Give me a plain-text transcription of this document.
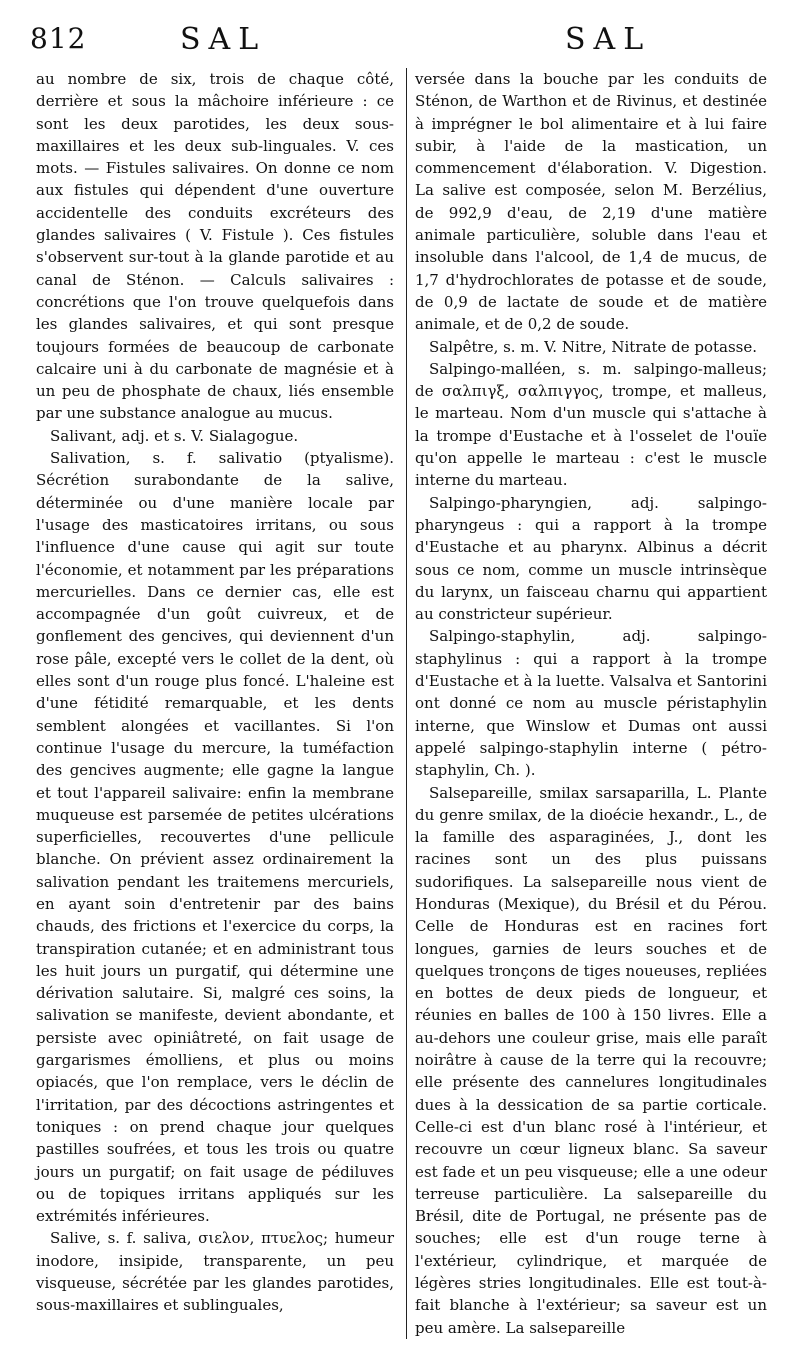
812	SAL	SAL

au nombre de six, trois de chaque côté, derrière et sous la mâchoire inférieure : ce sont les deux parotides, les deux sous-maxillaires et les deux sub-linguales. V. ces mots. — Fistules salivaires. On donne ce nom aux fistules qui dépendent d'une ouverture accidentelle des conduits excréteurs des glandes salivaires ( V. Fistule ). Ces fistules s'observent sur-tout à la glande parotide et au canal de Sténon. — Calculs salivaires : concrétions que l'on trouve quelquefois dans les glandes salivaires, et qui sont presque toujours formées de beaucoup de carbonate calcaire uni à du carbonate de magnésie et à un peu de phosphate de chaux, liés ensemble par une substance analogue au mucus.

Salivant, adj. et s. V. Sialagogue.

Salivation, s. f. salivatio (ptyalisme). Sécrétion surabondante de la salive, déterminée ou d'une manière locale par l'usage des masticatoires irritans, ou sous l'influence d'une cause qui agit sur toute l'économie, et notamment par les préparations mercurielles. Dans ce dernier cas, elle est accompagnée d'un goût cuivreux, et de gonflement des gencives, qui deviennent d'un rose pâle, excepté vers le collet de la dent, où elles sont d'un rouge plus foncé. L'haleine est d'une fétidité remarquable, et les dents semblent alongées et vacillantes. Si l'on continue l'usage du mercure, la tuméfaction des gencives augmente; elle gagne la langue et tout l'appareil salivaire: enfin la membrane muqueuse est parsemée de petites ulcérations superficielles, recouvertes d'une pellicule blanche. On prévient assez ordinairement la salivation pendant les traitemens mercuriels, en ayant soin d'entretenir par des bains chauds, des frictions et l'exercice du corps, la transpiration cutanée; et en administrant tous les huit jours un purgatif, qui détermine une dérivation salutaire. Si, malgré ces soins, la salivation se manifeste, devient abondante, et persiste avec opiniâtreté, on fait usage de gargarismes émolliens, et plus ou moins opiacés, que l'on remplace, vers le déclin de l'irritation, par des décoctions astringentes et toniques : on prend chaque jour quelques pastilles soufrées, et tous les trois ou quatre jours un purgatif; on fait usage de pédiluves ou de topiques irritans appliqués sur les extrémités inférieures.

Salive, s. f. saliva, σιελον, πτυελος; humeur inodore, insipide, transparente, un peu visqueuse, sécrétée par les glandes parotides, sous-maxillaires et sublinguales,

versée dans la bouche par les conduits de Sténon, de Warthon et de Rivinus, et destinée à imprégner le bol alimentaire et à lui faire subir, à l'aide de la mastication, un commencement d'élaboration. V. Digestion. La salive est composée, selon M. Berzélius, de 992,9 d'eau, de 2,19 d'une matière animale particulière, soluble dans l'eau et insoluble dans l'alcool, de 1,4 de mucus, de 1,7 d'hydrochlorates de potasse et de soude, de 0,9 de lactate de soude et de matière animale, et de 0,2 de soude.

Salpêtre, s. m. V. Nitre, Nitrate de potasse.

Salpingo-malléen, s. m. salpingo-malleus; de σαλπιγξ, σαλπιγγος, trompe, et malleus, le marteau. Nom d'un muscle qui s'attache à la trompe d'Eustache et à l'osselet de l'ouïe qu'on appelle le marteau : c'est le muscle interne du marteau.

Salpingo-pharyngien, adj. salpingo-pharyngeus : qui a rapport à la trompe d'Eustache et au pharynx. Albinus a décrit sous ce nom, comme un muscle intrinsèque du larynx, un faisceau charnu qui appartient au constricteur supérieur.

Salpingo-staphylin, adj. salpingo-staphylinus : qui a rapport à la trompe d'Eustache et à la luette. Valsalva et Santorini ont donné ce nom au muscle péristaphylin interne, que Winslow et Dumas ont aussi appelé salpingo-staphylin interne ( pétro-staphylin, Ch. ).

Salsepareille, smilax sarsaparilla, L. Plante du genre smilax, de la dioécie hexandr., L., de la famille des asparaginées, J., dont les racines sont un des plus puissans sudorifiques. La salsepareille nous vient de Honduras (Mexique), du Brésil et du Pérou. Celle de Honduras est en racines fort longues, garnies de leurs souches et de quelques tronçons de tiges noueuses, repliées en bottes de deux pieds de longueur, et réunies en balles de 100 à 150 livres. Elle a au-dehors une couleur grise, mais elle paraît noirâtre à cause de la terre qui la recouvre; elle présente des cannelures longitudinales dues à la dessication de sa partie corticale. Celle-ci est d'un blanc rosé à l'intérieur, et recouvre un cœur ligneux blanc. Sa saveur est fade et un peu visqueuse; elle a une odeur terreuse particulière. La salsepareille du Brésil, dite de Portugal, ne présente pas de souches; elle est d'un rouge terne à l'extérieur, cylindrique, et marquée de légères stries longitudinales. Elle est tout-à-fait blanche à l'extérieur; sa saveur est un peu amère. La salsepareille
